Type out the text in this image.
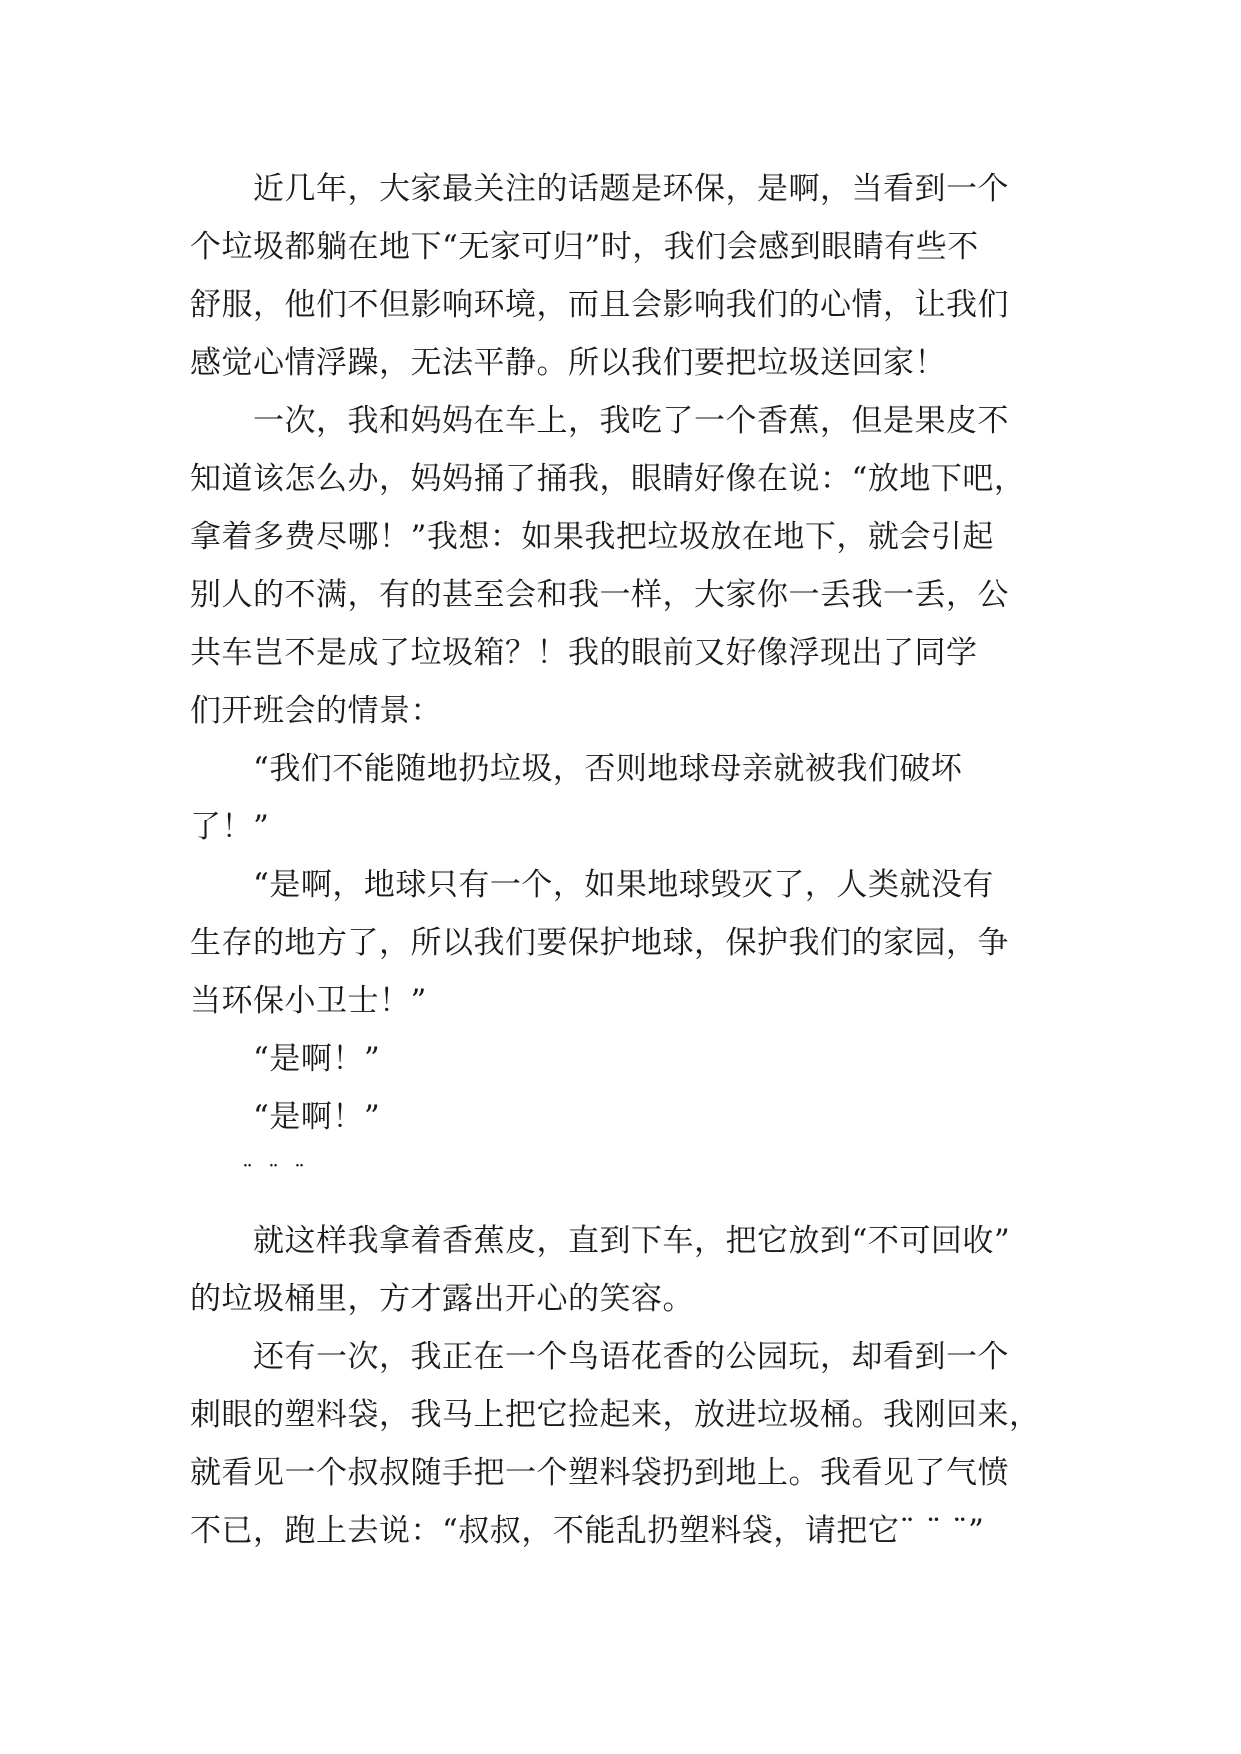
　　近几年，大家最关注的话题是环保，是啊，当看到一个
个垃圾都躺在地下“无家可归”时，我们会感到眼睛有些不
舒服，他们不但影响环境，而且会影响我们的心情，让我们
感觉心情浮躁，无法平静。所以我们要把垃圾送回家！

　　一次，我和妈妈在车上，我吃了一个香蕉，但是果皮不
知道该怎么办，妈妈捅了捅我，眼睛好像在说：“放地下吧，
拿着多费尽哪！”我想：如果我把垃圾放在地下，就会引起
别人的不满，有的甚至会和我一样，大家你一丢我一丢，公
共车岂不是成了垃圾箱？！我的眼前又好像浮现出了同学
们开班会的情景：

　　“我们不能随地扔垃圾，否则地球母亲就被我们破坏
了！”

　　“是啊，地球只有一个，如果地球毁灭了，人类就没有
生存的地方了，所以我们要保护地球，保护我们的家园，争
当环保小卫士！”

　　“是啊！”

　　“是啊！”

　　¨ ¨ ¨

　　就这样我拿着香蕉皮，直到下车，把它放到“不可回收”
的垃圾桶里，方才露出开心的笑容。

　　还有一次，我正在一个鸟语花香的公园玩，却看到一个
刺眼的塑料袋，我马上把它捡起来，放进垃圾桶。我刚回来，
就看见一个叔叔随手把一个塑料袋扔到地上。我看见了气愤
不已，跑上去说：“叔叔，不能乱扔塑料袋，请把它¨ ¨ ¨”
